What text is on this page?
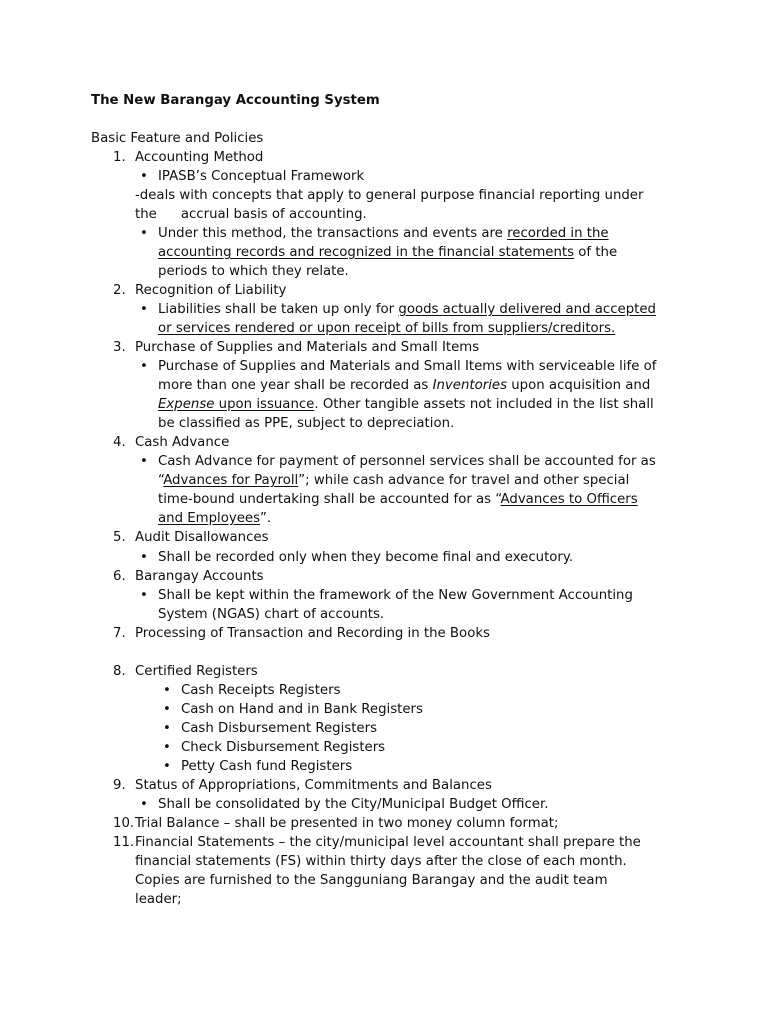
The New Barangay Accounting System
Basic Feature and Policies
1. Accounting Method
• IPASB’s Conceptual Framework
-deals with concepts that apply to general purpose financial reporting under
the accrual basis of accounting.
• Under this method, the transactions and events are recorded in the
accounting records and recognized in the financial statements of the
periods to which they relate.
2. Recognition of Liability
• Liabilities shall be taken up only for goods actually delivered and accepted
or services rendered or upon receipt of bills from suppliers/creditors.
3. Purchase of Supplies and Materials and Small Items
• Purchase of Supplies and Materials and Small Items with serviceable life of
more than one year shall be recorded as Inventories upon acquisition and
Expense upon issuance. Other tangible assets not included in the list shall
be classified as PPE, subject to depreciation.
4. Cash Advance
• Cash Advance for payment of personnel services shall be accounted for as
“Advances for Payroll”; while cash advance for travel and other special
time-bound undertaking shall be accounted for as “Advances to Officers
and Employees”.
5. Audit Disallowances
• Shall be recorded only when they become final and executory.
6. Barangay Accounts
• Shall be kept within the framework of the New Government Accounting
System (NGAS) chart of accounts.
7. Processing of Transaction and Recording in the Books
8. Certified Registers
• Cash Receipts Registers
• Cash on Hand and in Bank Registers
• Cash Disbursement Registers
• Check Disbursement Registers
• Petty Cash fund Registers
9. Status of Appropriations, Commitments and Balances
• Shall be consolidated by the City/Municipal Budget Officer.
10. Trial Balance – shall be presented in two money column format;
11. Financial Statements – the city/municipal level accountant shall prepare the
financial statements (FS) within thirty days after the close of each month.
Copies are furnished to the Sangguniang Barangay and the audit team
leader;
